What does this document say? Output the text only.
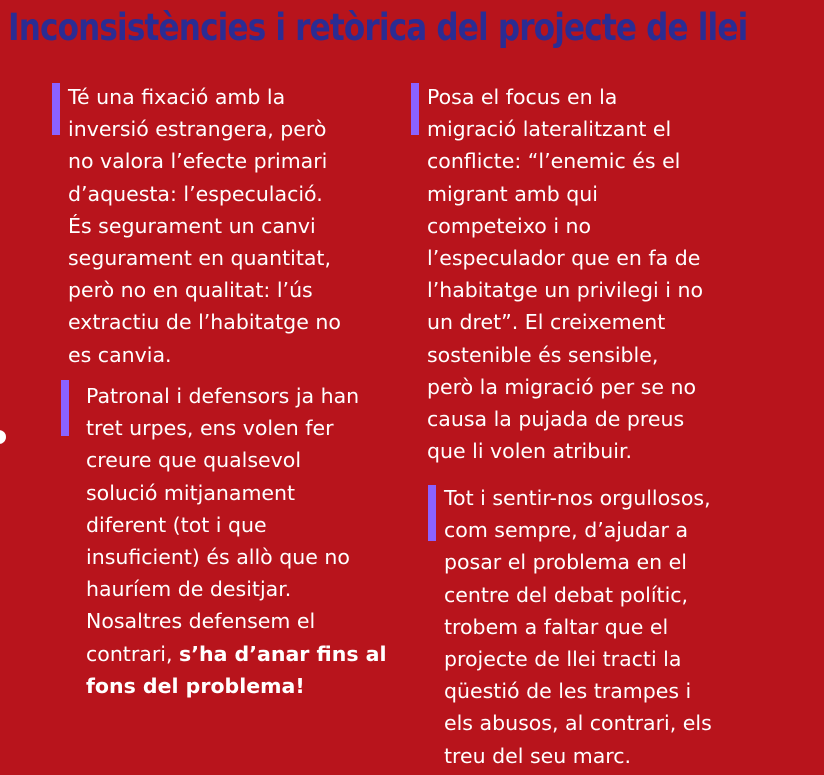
Inconsistències i retòrica del projecte de llei

Té una fixació amb la
inversió estrangera, però
no valora l’efecte primari
d’aquesta: l’especulació.
És segurament un canvi
segurament en quantitat,
però no en qualitat: l’ús
extractiu de l’habitatge no
es canvia.

Patronal i defensors ja han
tret urpes, ens volen fer
creure que qualsevol
solució mitjanament
diferent (tot i que
insuficient) és allò que no
hauríem de desitjar.
Nosaltres defensem el
contrari, s’ha d’anar fins al
fons del problema!

Posa el focus en la
migració lateralitzant el
conflicte: “l’enemic és el
migrant amb qui
competeixo i no
l’especulador que en fa de
l’habitatge un privilegi i no
un dret”. El creixement
sostenible és sensible,
però la migració per se no
causa la pujada de preus
que li volen atribuir.

Tot i sentir-nos orgullosos,
com sempre, d’ajudar a
posar el problema en el
centre del debat polític,
trobem a faltar que el
projecte de llei tracti la
qüestió de les trampes i
els abusos, al contrari, els
treu del seu marc.
